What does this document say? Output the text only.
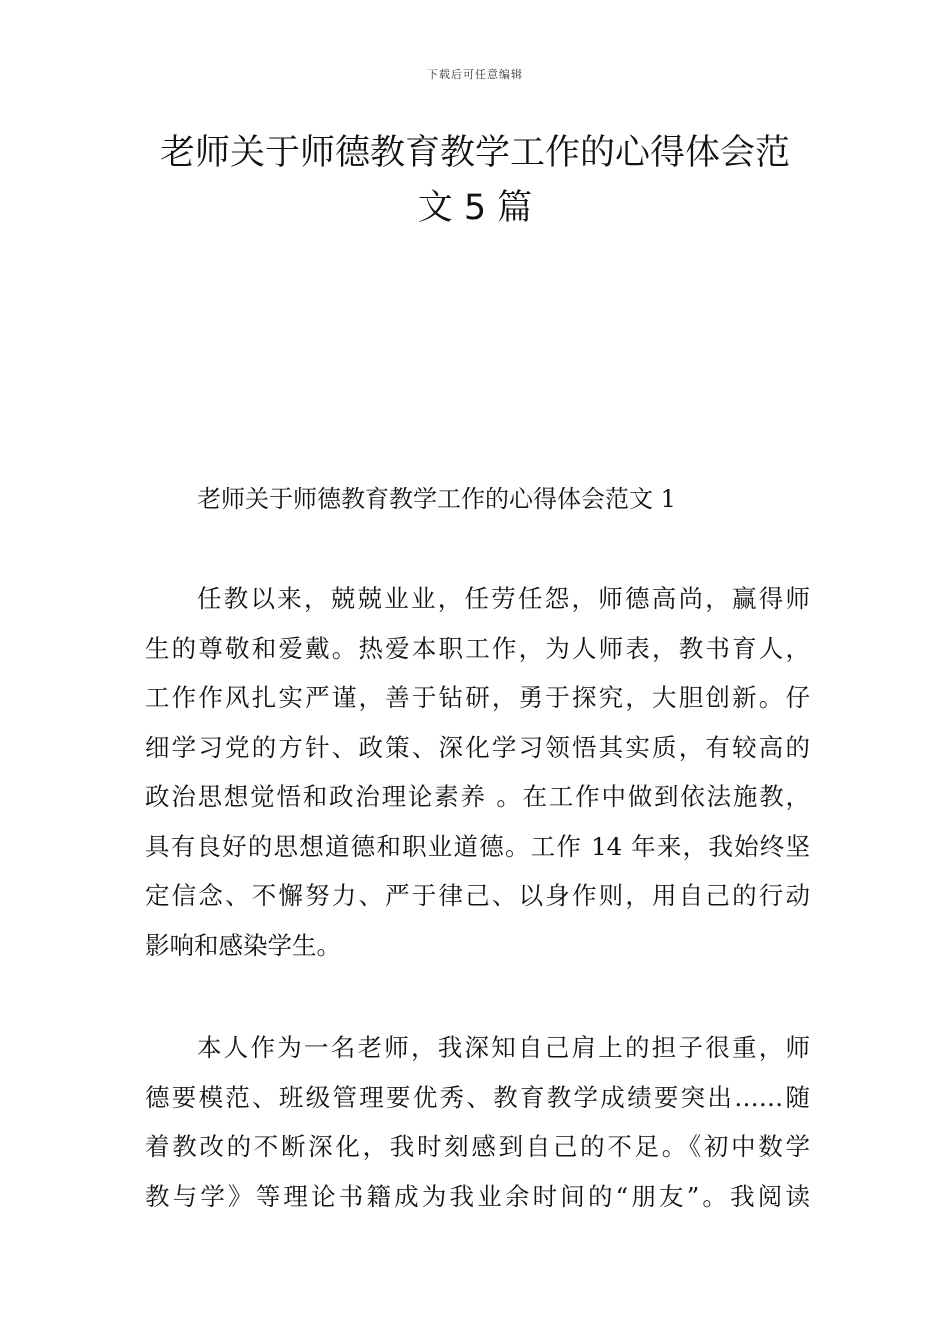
下载后可任意编辑
老师关于师德教育教学工作的心得体会范
文 5 篇
老师关于师德教育教学工作的心得体会范文 1

任教以来，兢兢业业，任劳任怨，师德高尚，赢得师
生的尊敬和爱戴。热爱本职工作，为人师表，教书育人，
工作作风扎实严谨，善于钻研，勇于探究，大胆创新。仔
细学习党的方针、政策、深化学习领悟其实质，有较高的
政治思想觉悟和政治理论素养 。在工作中做到依法施教，
具有良好的思想道德和职业道德。工作 14 年来，我始终坚
定信念、不懈努力、严于律己、以身作则，用自己的行动
影响和感染学生。

本人作为一名老师，我深知自己肩上的担子很重，师
德要模范、班级管理要优秀、教育教学成绩要突出……随
着教改的不断深化，我时刻感到自己的不足。《初中数学
教与学》等理论书籍成为我业余时间的“朋友”。我阅读
